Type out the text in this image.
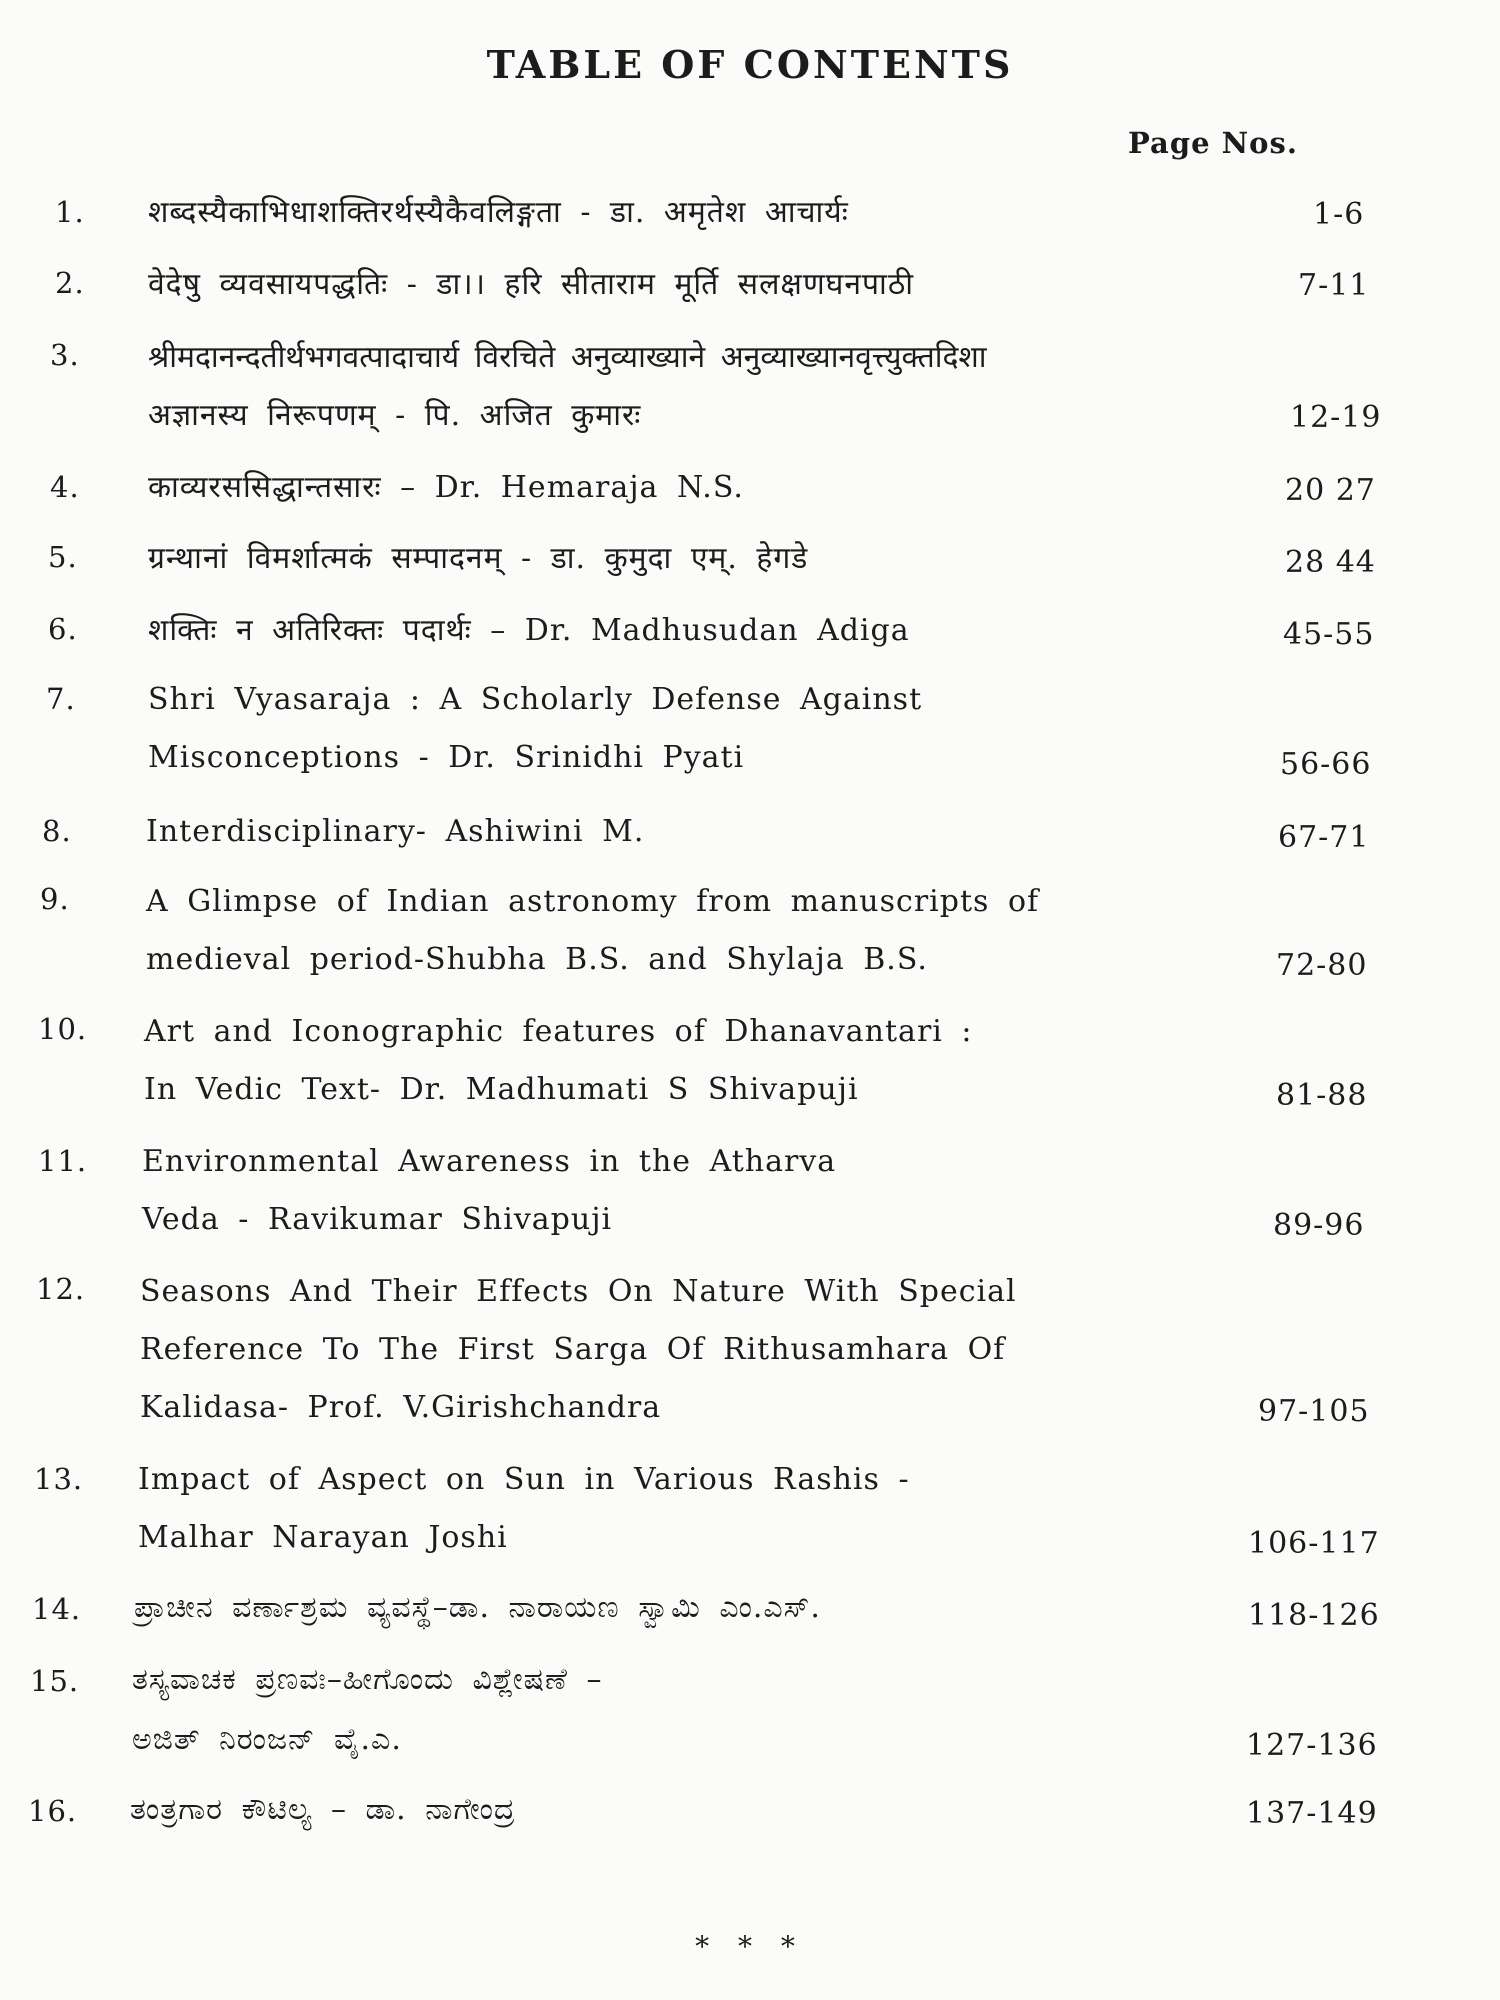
TABLE OF CONTENTS
Page Nos.
1. शब्दस्यैकाभिधाशक्तिरर्थस्यैकैवलिङ्गता - डा. अमृतेश आचार्यः	1-6
2. वेदेषु व्यवसायपद्धतिः - डा।। हरि सीताराम मूर्ति सलक्षणघनपाठी	7-11
3. श्रीमदानन्दतीर्थभगवत्पादाचार्य विरचिते अनुव्याख्याने अनुव्याख्यानवृत्त्युक्तदिशा
अज्ञानस्य निरूपणम् - पि. अजित कुमारः	12-19
4. काव्यरससिद्धान्तसारः – Dr. Hemaraja N.S.	20 27
5. ग्रन्थानां विमर्शात्मकं सम्पादनम् - डा. कुमुदा एम्. हेगडे	28 44
6. शक्तिः न अतिरिक्तः पदार्थः – Dr. Madhusudan Adiga	45-55
7. Shri Vyasaraja : A Scholarly Defense Against
Misconceptions - Dr. Srinidhi Pyati	56-66
8. Interdisciplinary- Ashiwini M.	67-71
9.	A Glimpse of Indian astronomy from manuscripts of
medieval period-Shubha B.S. and Shylaja B.S.	72-80
10. Art and Iconographic features of Dhanavantari :
In Vedic Text- Dr. Madhumati S Shivapuji	81-88
11. Environmental Awareness in the Atharva
Veda - Ravikumar Shivapuji	89-96
12. Seasons And Their Effects On Nature With Special
Reference To The First Sarga Of Rithusamhara Of
Kalidasa- Prof. V.Girishchandra	97-105
13. Impact of Aspect on Sun in Various Rashis -
Malhar Narayan Joshi	106-117
14. ಪ್ರಾಚೀನ ವರ್ಣಾಶ್ರಮ ವ್ಯವಸ್ಥೆ–ಡಾ. ನಾರಾಯಣ ಸ್ವಾಮಿ ಎಂ.ಎಸ್.	118-126
15. ತಸ್ಯವಾಚಕ ಪ್ರಣವಃ–ಹೀಗೊಂದು ವಿಶ್ಲೇಷಣೆ –
ಅಜಿತ್ ನಿರಂಜನ್ ವೈ.ಎ.	127-136
16. ತಂತ್ರಗಾರ ಕೌಟಿಲ್ಯ – ಡಾ. ನಾಗೇಂದ್ರ	137-149
* * *
